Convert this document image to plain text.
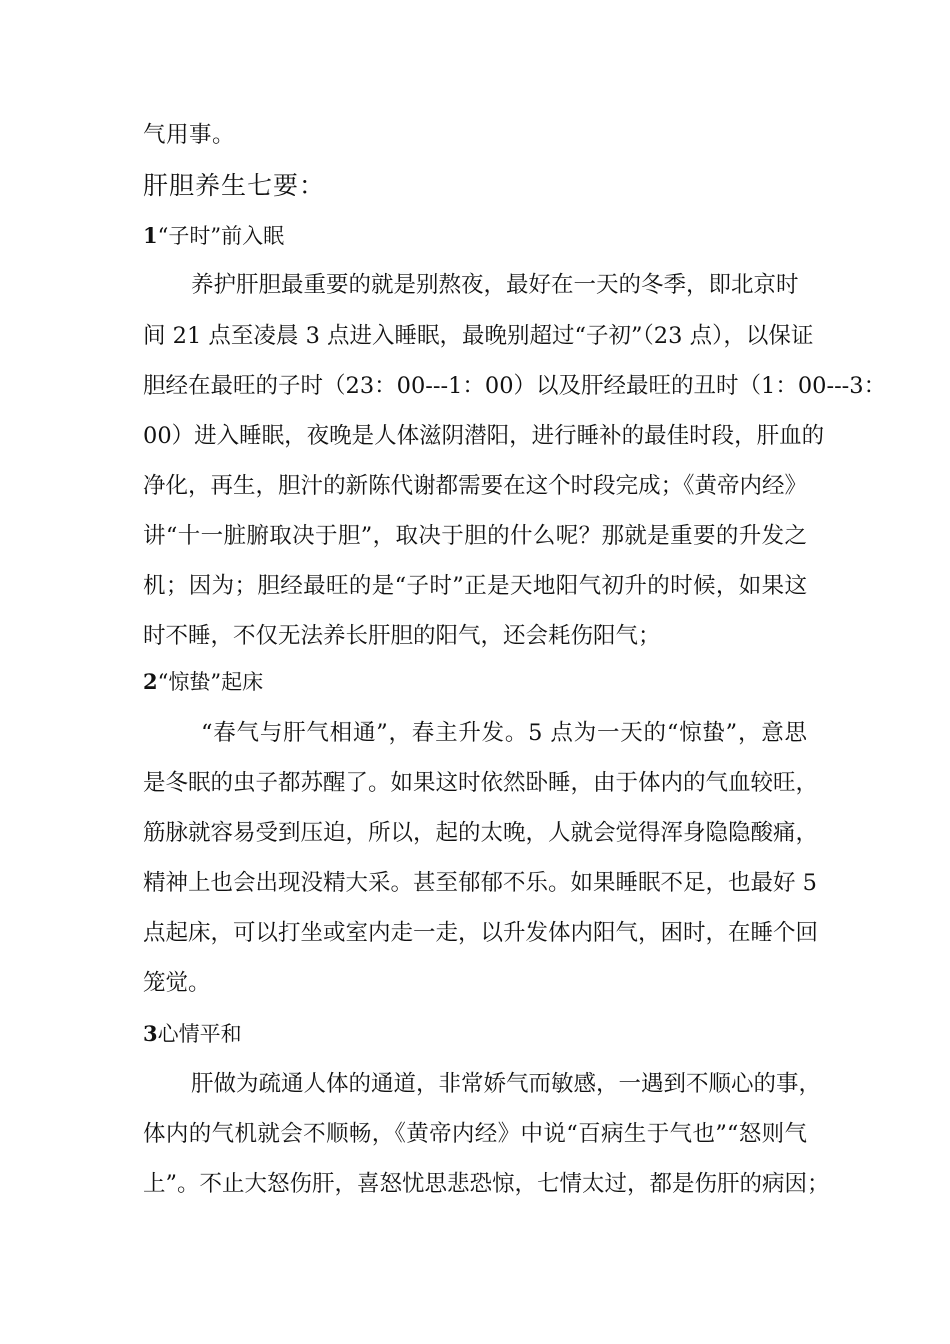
气用事。
肝胆养生七要：
1“子时”前入眠
养护肝胆最重要的就是别熬夜，最好在一天的冬季，即北京时
间 21 点至凌晨 3 点进入睡眠，最晚别超过“子初”（23 点），以保证
胆经在最旺的子时（23：00---1：00）以及肝经最旺的丑时（1：00---3：
00）进入睡眠，夜晚是人体滋阴潜阳，进行睡补的最佳时段，肝血的
净化，再生，胆汁的新陈代谢都需要在这个时段完成；《黄帝内经》
讲“十一脏腑取决于胆”，取决于胆的什么呢？那就是重要的升发之
机；因为；胆经最旺的是“子时”正是天地阳气初升的时候，如果这
时不睡，不仅无法养长肝胆的阳气，还会耗伤阳气；
2“惊蛰”起床
“春气与肝气相通”，春主升发。5 点为一天的“惊蛰”，意思
是冬眠的虫子都苏醒了。如果这时依然卧睡，由于体内的气血较旺，
筋脉就容易受到压迫，所以，起的太晚，人就会觉得浑身隐隐酸痛，
精神上也会出现没精大采。甚至郁郁不乐。如果睡眠不足，也最好 5
点起床，可以打坐或室内走一走，以升发体内阳气，困时，在睡个回
笼觉。
3心情平和
肝做为疏通人体的通道，非常娇气而敏感，一遇到不顺心的事，
体内的气机就会不顺畅，《黄帝内经》中说“百病生于气也”“怒则气
上”。不止大怒伤肝，喜怒忧思悲恐惊，七情太过，都是伤肝的病因；
